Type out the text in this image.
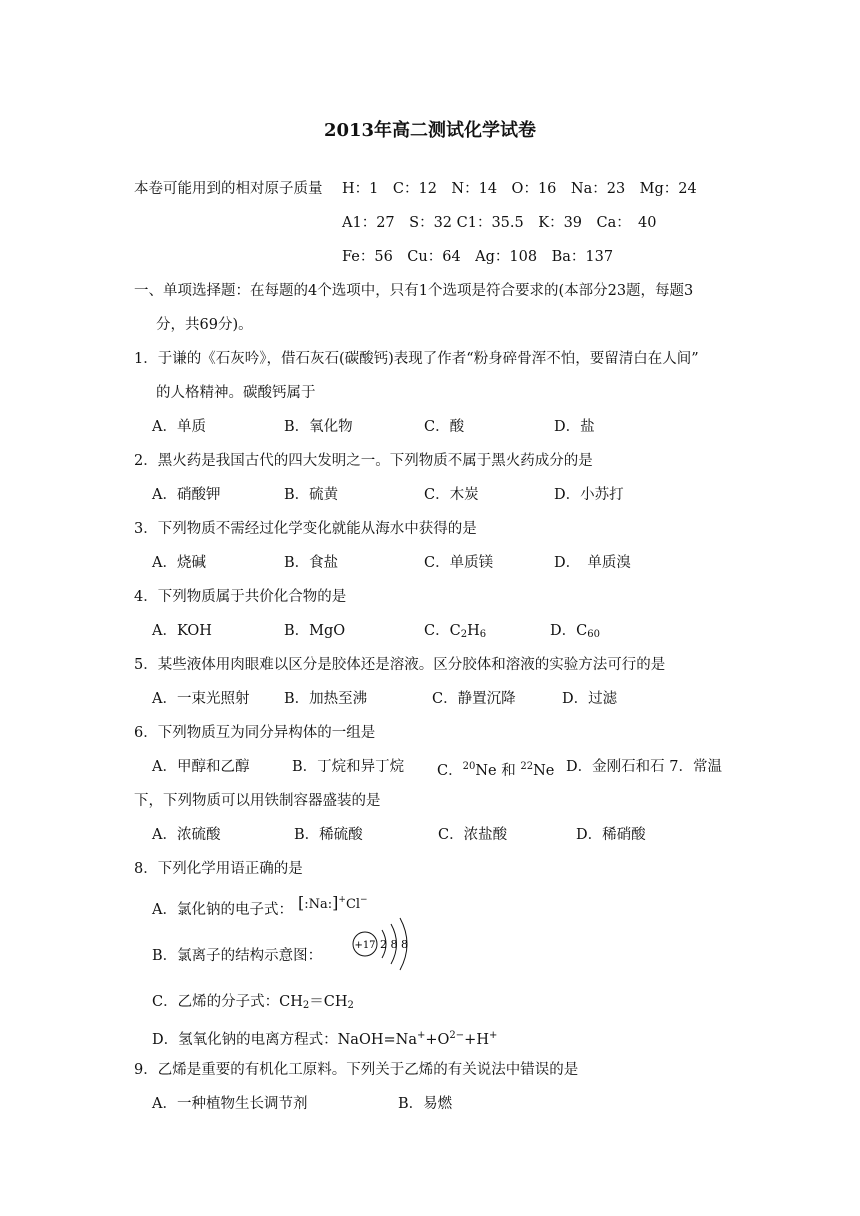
2013年高二测试化学试卷
本卷可能用到的相对原子质量 H：1　C：12　N：14　O：16　Na：23　Mg：24
A1：27　S：32 C1：35.5　K：39　Ca：　40
Fe：56　Cu：64　Ag：108　Ba：137
一、单项选择题：在每题的4个选项中，只有1个选项是符合要求的(本部分23题，每题3
分，共69分)。
1．于谦的《石灰吟》，借石灰石(碳酸钙)表现了作者“粉身碎骨浑不怕，要留清白在人间”
的人格精神。碳酸钙属于
A．单质	B．氧化物	C．酸	D．盐
2．黑火药是我国古代的四大发明之一。下列物质不属于黑火药成分的是
A．硝酸钾	B．硫黄	C．木炭	D．小苏打
3．下列物质不需经过化学变化就能从海水中获得的是
A．烧碱	B．食盐	C．单质镁	D．　单质溴
4．下列物质属于共价化合物的是
A．KOH	B．MgO	C．$C_2H_6$	D．$C_{60}$
5．某些液体用肉眼难以区分是胶体还是溶液。区分胶体和溶液的实验方法可行的是
A．一束光照射 B．加热至沸	C．静置沉降	D．过滤
6．下列物质互为同分异构体的一组是
A．甲醇和乙醇	B．丁烷和异丁烷 C．$^{20}$Ne 和 $^{22}$Ne D．金刚石和石 7．常温
下，下列物质可以用铁制容器盛装的是
A．浓硫酸	B．稀硫酸	C．浓盐酸	D．稀硝酸
8．下列化学用语正确的是
A．氯化钠的电子式： [:Na:]+Cl−
B．氯离子的结构示意图：
+17 2 8 8
C．乙烯的分子式：$CH_2=CH_2$
D．氢氧化钠的电离方程式：$NaOH=Na^++O^{2-}+H^+$
9．乙烯是重要的有机化工原料。下列关于乙烯的有关说法中错误的是
A．一种植物生长调节剂	B．易燃
